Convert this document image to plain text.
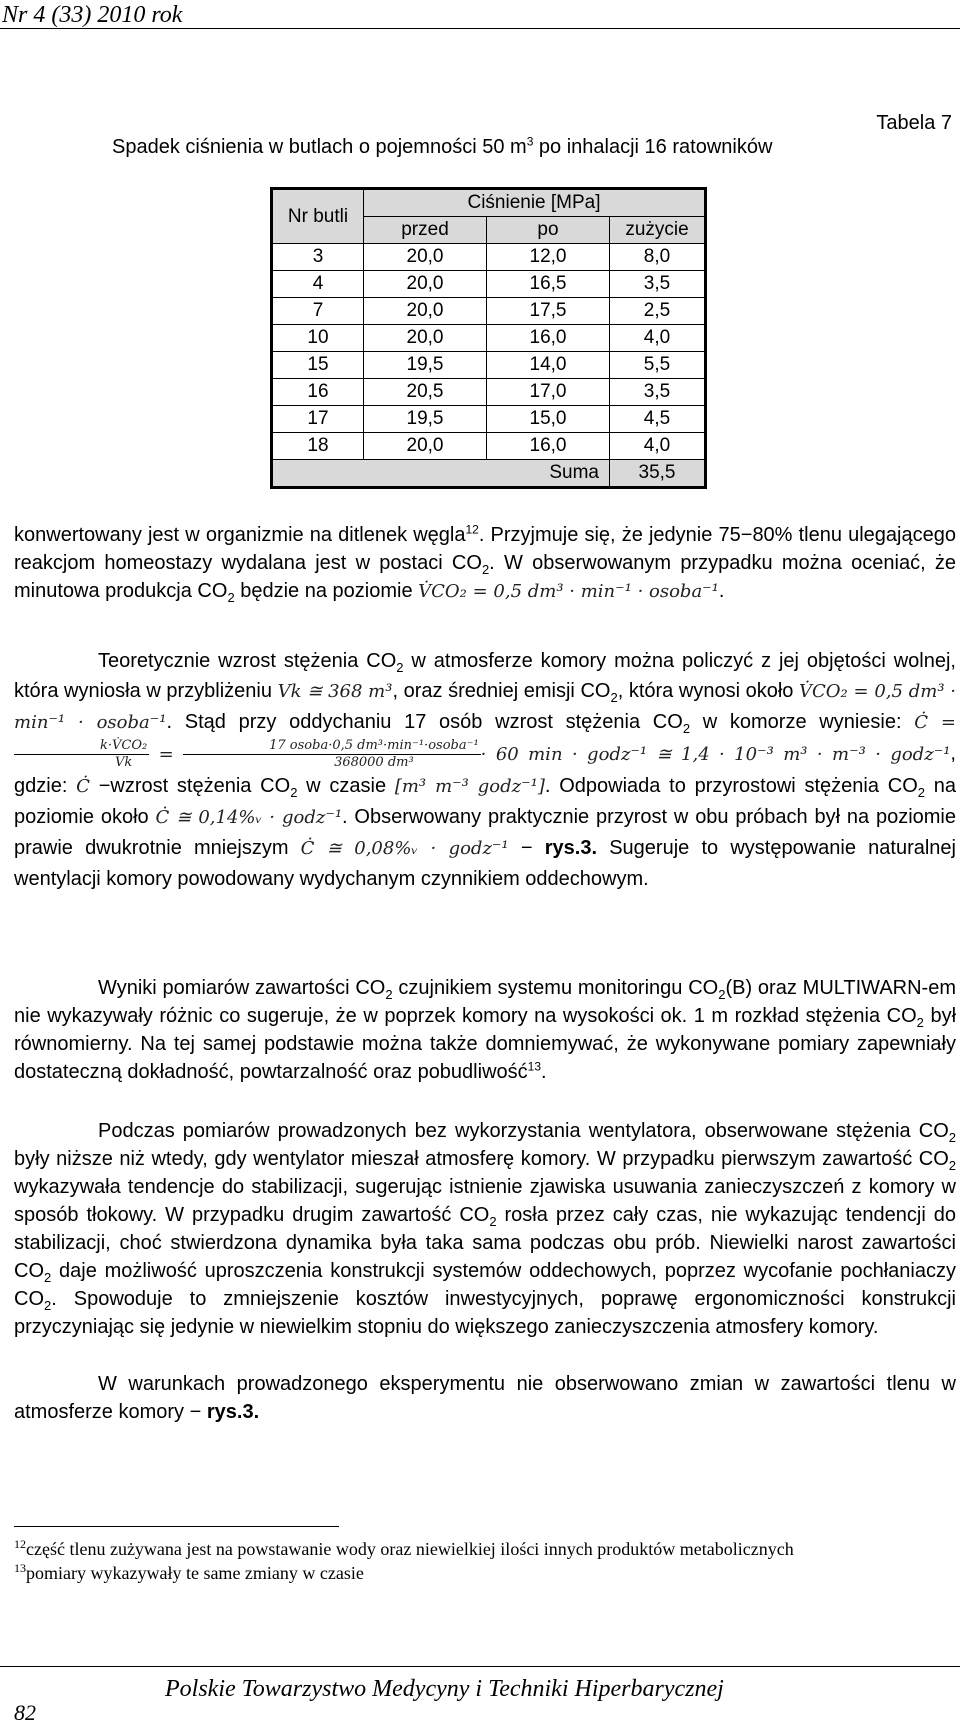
Nr 4 (33) 2010 rok
Tabela 7
Spadek ciśnienia w butlach o pojemności 50 $m^3$ po inhalacji 16 ratowników
Nr butli	Ciśnienie [MPa]		
	przed	po	zużycie
3	20,0	12,0	8,0
4	20,0	16,5	3,5
7	20,0	17,5	2,5
10	20,0	16,0	4,0
15	19,5	14,0	5,5
16	20,5	17,0	3,5
17	19,5	15,0	4,5
18	20,0	16,0	4,0
Suma			35,5
konwertowany jest w organizmie na ditlenek węgla$^{12}$. Przyjmuje się, że jedynie 75−80% tlenu ulegającego reakcjom homeostazy wydalana jest w postaci $CO_2$. W obserwowanym przypadku można oceniać, że minutowa produkcja $CO_2$ będzie na poziomie V̇CO₂ = 0,5 dm³ · min⁻¹ · osoba⁻¹.
Teoretycznie wzrost stężenia $CO_2$ w atmosferze komory można policzyć z jej objętości wolnej, która wyniosła w przybliżeniu Vk ≅ 368 m³, oraz średniej emisji $CO_2$, która wynosi około V̇CO₂ = 0,5 dm³ · min⁻¹ · osoba⁻¹. Stąd przy oddychaniu 17 osób wzrost stężenia $CO_2$ w komorze wyniesie: Ċ =
$\frac{\text{k·V̇CO₂}}{Vk} = \frac{\text{17 osoba·0,5 dm³·min⁻¹·osoba⁻¹}}{\text{368000 dm³}} \cdot 60$ min · godz⁻¹ ≅ 1,4 · 10⁻³ m³ · m⁻³ · godz⁻¹, gdzie: Ċ −wzrost stężenia $CO_2$ w czasie [m³ m⁻³ godz⁻¹]. Odpowiada to przyrostowi stężenia $CO_2$ na poziomie około Ċ ≅ 0,14%ᵥ · godz⁻¹. Obserwowany praktycznie przyrost w obu próbach był na poziomie prawie dwukrotnie mniejszym Ċ ≅ 0,08%ᵥ · godz⁻¹ − rys.3. Sugeruje to występowanie naturalnej wentylacji komory powodowany wydychanym czynnikiem oddechowym.
Wyniki pomiarów zawartości $CO_2$ czujnikiem systemu monitoringu $CO_2(B)$ oraz MULTIWARN-em nie wykazywały różnic co sugeruje, że w poprzek komory na wysokości ok. 1 m rozkład stężenia $CO_2$ był równomierny. Na tej samej podstawie można także domniemywać, że wykonywane pomiary zapewniały dostateczną dokładność, powtarzalność oraz pobudliwość$^{13}$.
Podczas pomiarów prowadzonych bez wykorzystania wentylatora, obserwowane stężenia $CO_2$ były niższe niż wtedy, gdy wentylator mieszał atmosferę komory. W przypadku pierwszym zawartość $CO_2$ wykazywała tendencje do stabilizacji, sugerując istnienie zjawiska usuwania zanieczyszczeń z komory w sposób tłokowy. W przypadku drugim zawartość $CO_2$ rosła przez cały czas, nie wykazując tendencji do stabilizacji, choć stwierdzona dynamika była taka sama podczas obu prób. Niewielki narost zawartości $CO_2$ daje możliwość uproszczenia konstrukcji systemów oddechowych, poprzez wycofanie pochłaniaczy $CO_2$. Spowoduje to zmniejszenie kosztów inwestycyjnych, poprawę ergonomiczności konstrukcji przyczyniając się jedynie w niewielkim stopniu do większego zanieczyszczenia atmosfery komory.
W warunkach prowadzonego eksperymentu nie obserwowano zmian w zawartości tlenu w atmosferze komory − rys.3.
$^{12}$część tlenu zużywana jest na powstawanie wody oraz niewielkiej ilości innych produktów metabolicznych
$^{13}$pomiary wykazywały te same zmiany w czasie
Polskie Towarzystwo Medycyny i Techniki Hiperbarycznej
82
